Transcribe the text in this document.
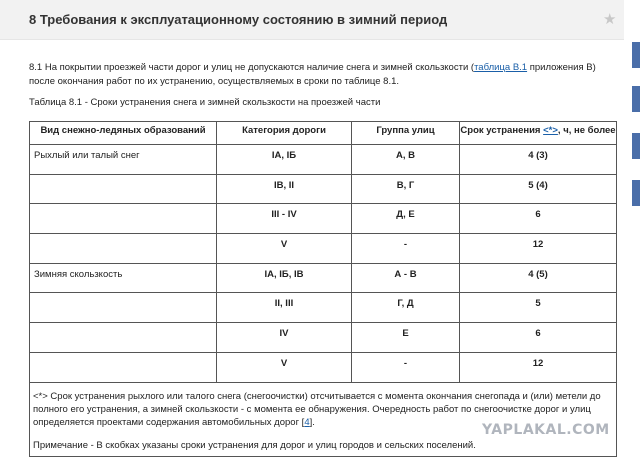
8 Требования к эксплуатационному состоянию в зимний период	★
8.1 На покрытии проезжей части дорог и улиц не допускаются наличие снега и зимней скользкости (таблица В.1 приложения В) после окончания работ по их устранению, осуществляемых в сроки по таблице 8.1.
Таблица 8.1 - Сроки устранения снега и зимней скользкости на проезжей части
Вид снежно-ледяных образований	Категория дороги	Группа улиц	Срок устранения <*>, ч, не более
Рыхлый или талый снег	IA, IБ	А, В	4 (3)
	IB, II	В, Г	5 (4)
	III - IV	Д, Е	6
	V	-	12
Зимняя скользкость	IA, IБ, IB	А - В	4 (5)
	II, III	Г, Д	5
	IV	Е	6
	V	-	12

<*> Срок устранения рыхлого или талого снега (снегоочистки) отсчитывается с момента окончания снегопада и (или) метели до полного его устранения, а зимней скользкости - с момента ее обнаружения. Очередность работ по снегоочистке дорог и улиц определяется проектами содержания автомобильных дорог [4].
Примечание - В скобках указаны сроки устранения для дорог и улиц городов и сельских поселений.			
YAPLAKAL.COM
